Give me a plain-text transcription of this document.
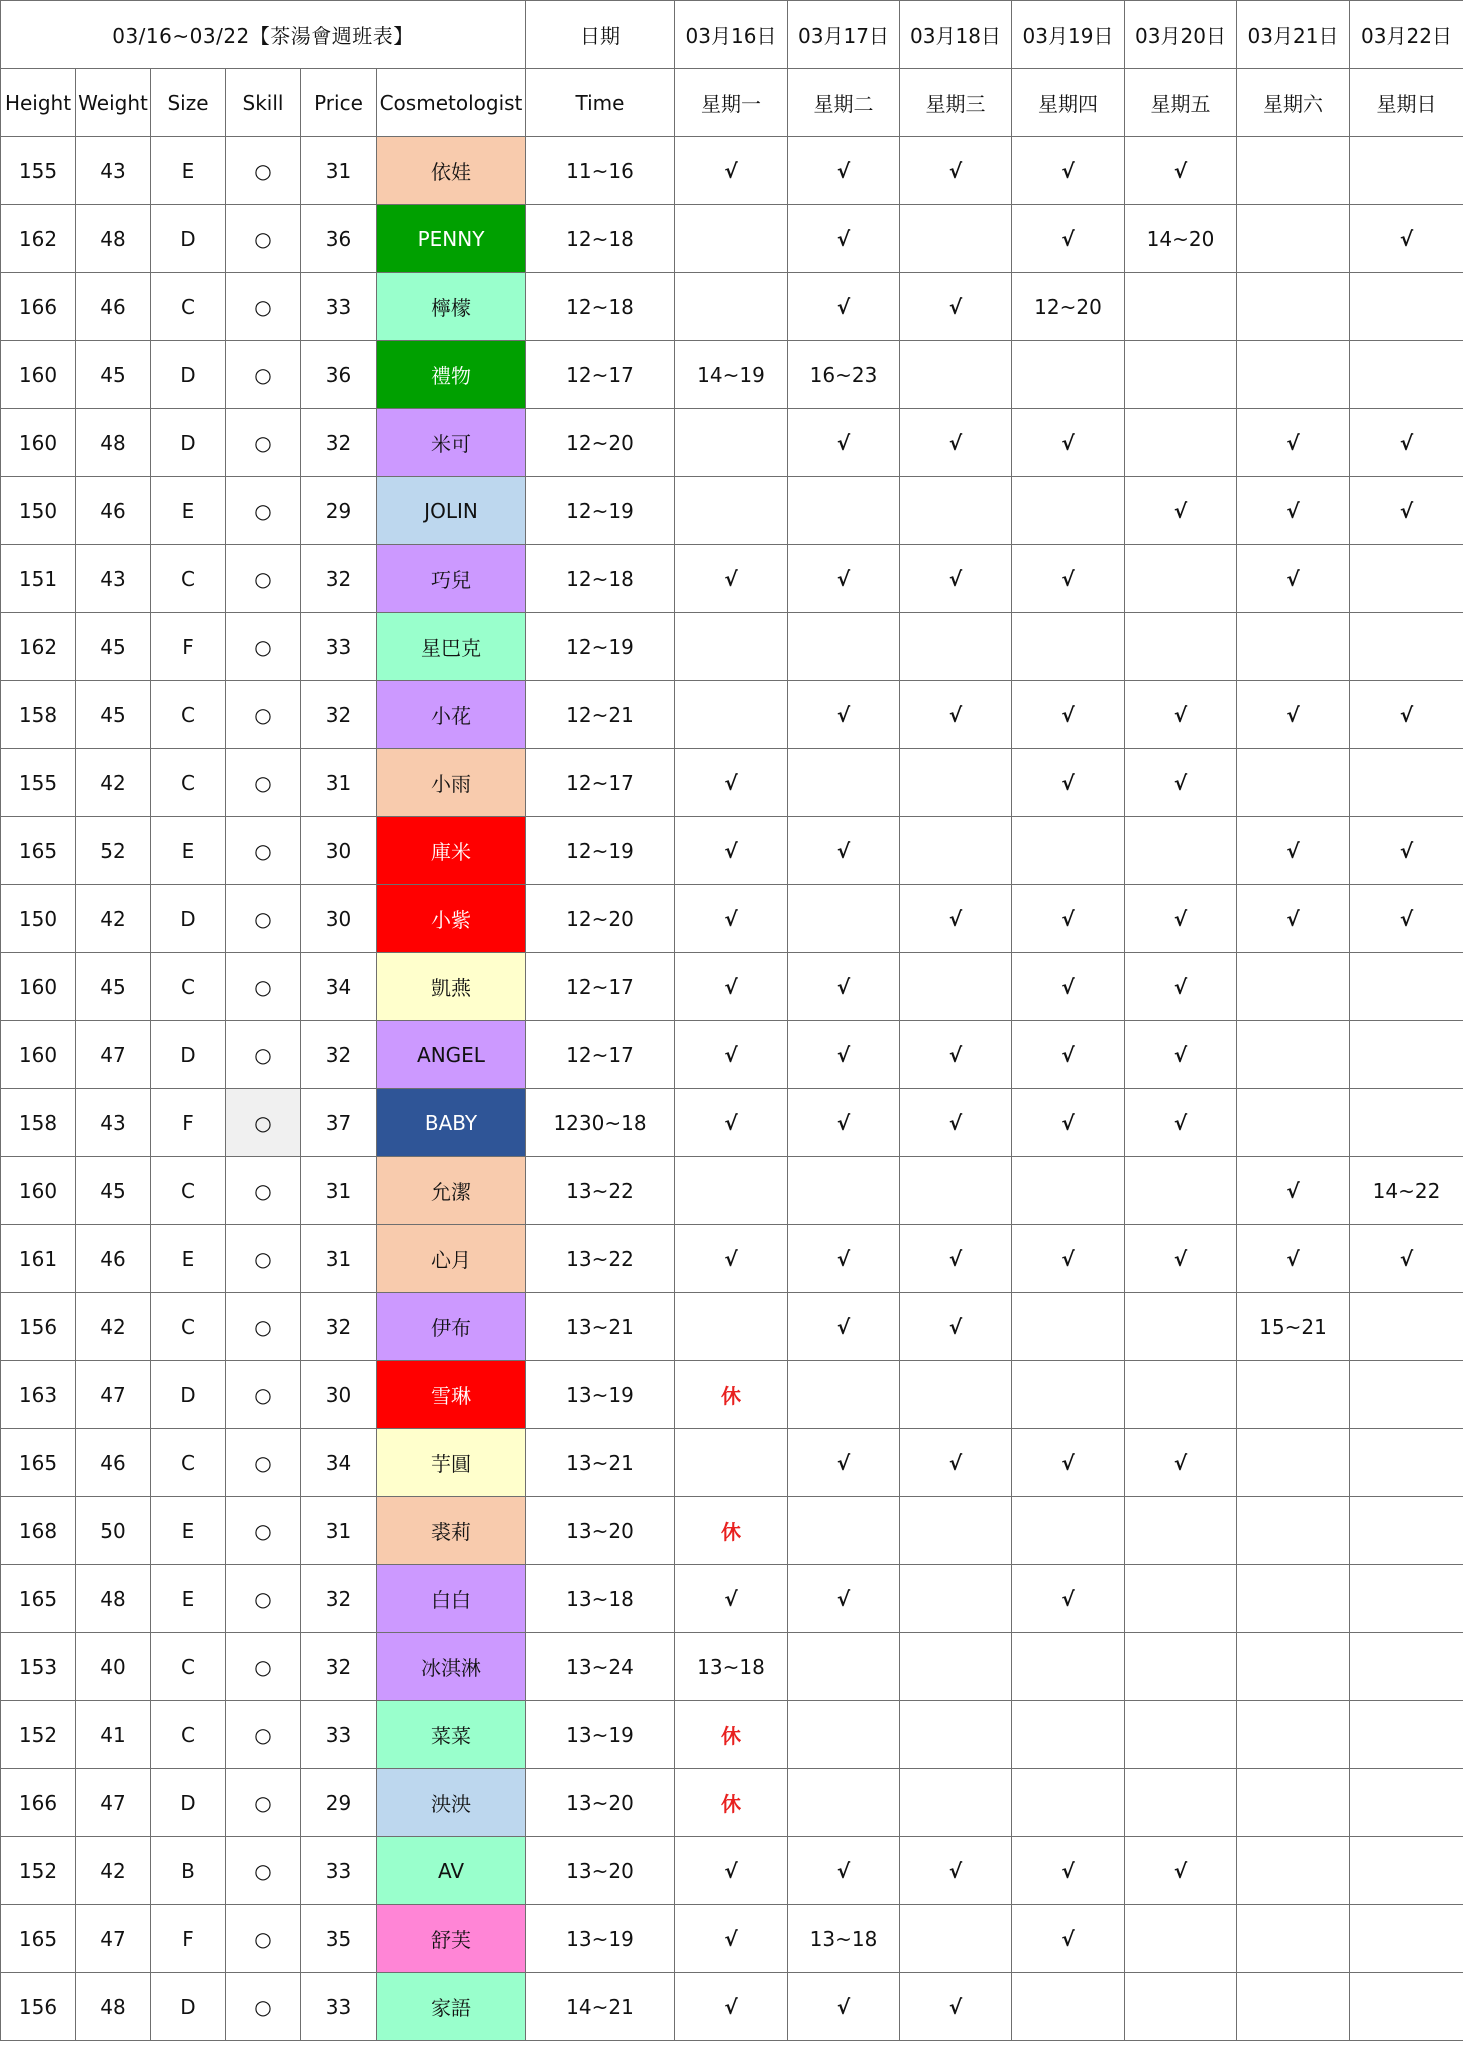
03/16~03/22【茶湯會週班表】						日期	03月16日	03月17日	03月18日	03月19日	03月20日	03月21日	03月22日
Height	Weight	Size	Skill	Price	Cosmetologist	Time	星期一	星期二	星期三	星期四	星期五	星期六	星期日
155	43	E	○	31	依娃	11~16	√	√	√	√	√		
162	48	D	○	36	PENNY	12~18		√		√	14~20		√
166	46	C	○	33	檸檬	12~18		√	√	12~20			
160	45	D	○	36	禮物	12~17	14~19	16~23					
160	48	D	○	32	米可	12~20		√	√	√		√	√
150	46	E	○	29	JOLIN	12~19					√	√	√
151	43	C	○	32	巧兒	12~18	√	√	√	√		√	
162	45	F	○	33	星巴克	12~19							
158	45	C	○	32	小花	12~21		√	√	√	√	√	√
155	42	C	○	31	小雨	12~17	√			√	√		
165	52	E	○	30	庫米	12~19	√	√				√	√
150	42	D	○	30	小紫	12~20	√		√	√	√	√	√
160	45	C	○	34	凱燕	12~17	√	√		√	√		
160	47	D	○	32	ANGEL	12~17	√	√	√	√	√		
158	43	F	○	37	BABY	1230~18	√	√	√	√	√		
160	45	C	○	31	允潔	13~22						√	14~22
161	46	E	○	31	心月	13~22	√	√	√	√	√	√	√
156	42	C	○	32	伊布	13~21		√	√			15~21	
163	47	D	○	30	雪琳	13~19	休						
165	46	C	○	34	芋圓	13~21		√	√	√	√		
168	50	E	○	31	裘莉	13~20	休						
165	48	E	○	32	白白	13~18	√	√		√			
153	40	C	○	32	冰淇淋	13~24	13~18						
152	41	C	○	33	菜菜	13~19	休						
166	47	D	○	29	泱泱	13~20	休						
152	42	B	○	33	AV	13~20	√	√	√	√	√		
165	47	F	○	35	舒芙	13~19	√	13~18		√			
156	48	D	○	33	家語	14~21	√	√	√				
